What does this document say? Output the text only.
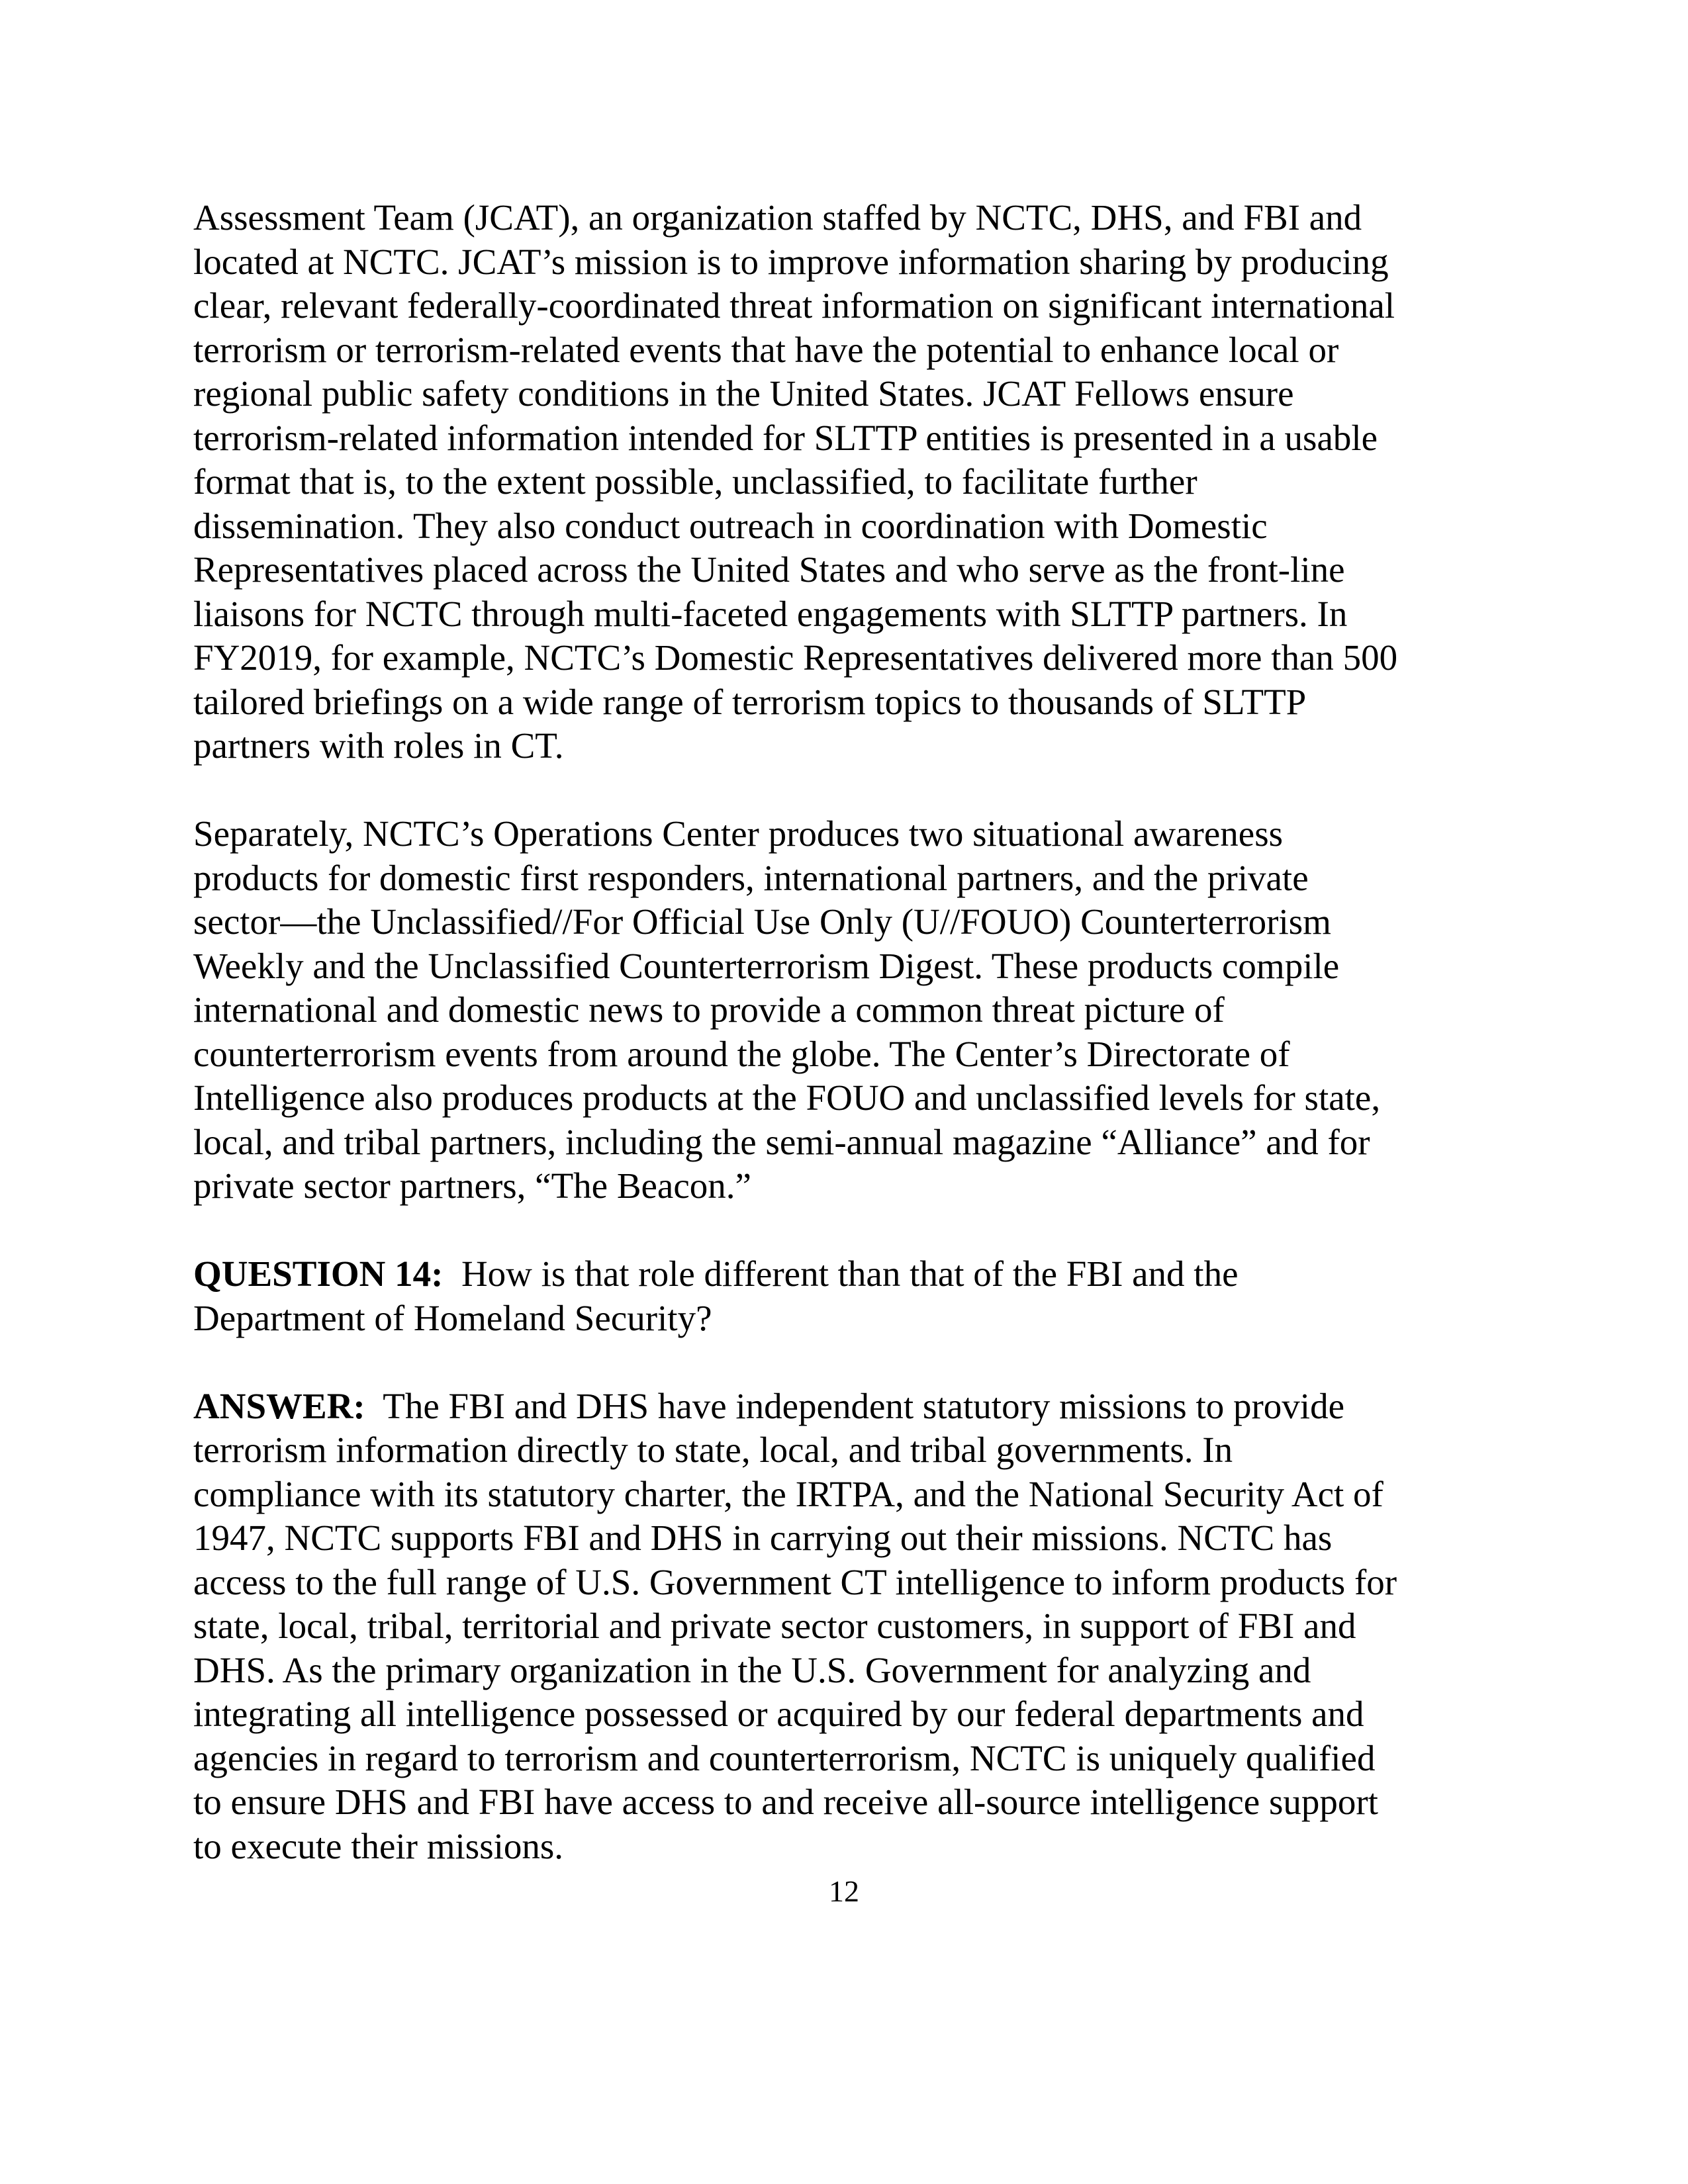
Assessment Team (JCAT), an organization staffed by NCTC, DHS, and FBI and
located at NCTC. JCAT’s mission is to improve information sharing by producing
clear, relevant federally-coordinated threat information on significant international
terrorism or terrorism-related events that have the potential to enhance local or
regional public safety conditions in the United States. JCAT Fellows ensure
terrorism-related information intended for SLTTP entities is presented in a usable
format that is, to the extent possible, unclassified, to facilitate further
dissemination. They also conduct outreach in coordination with Domestic
Representatives placed across the United States and who serve as the front-line
liaisons for NCTC through multi-faceted engagements with SLTTP partners. In
FY2019, for example, NCTC’s Domestic Representatives delivered more than 500
tailored briefings on a wide range of terrorism topics to thousands of SLTTP
partners with roles in CT.

Separately, NCTC’s Operations Center produces two situational awareness
products for domestic first responders, international partners, and the private
sector—the Unclassified//For Official Use Only (U//FOUO) Counterterrorism
Weekly and the Unclassified Counterterrorism Digest. These products compile
international and domestic news to provide a common threat picture of
counterterrorism events from around the globe. The Center’s Directorate of
Intelligence also produces products at the FOUO and unclassified levels for state,
local, and tribal partners, including the semi-annual magazine “Alliance” and for
private sector partners, “The Beacon.”

QUESTION 14:  How is that role different than that of the FBI and the
Department of Homeland Security?

ANSWER:  The FBI and DHS have independent statutory missions to provide
terrorism information directly to state, local, and tribal governments. In
compliance with its statutory charter, the IRTPA, and the National Security Act of
1947, NCTC supports FBI and DHS in carrying out their missions. NCTC has
access to the full range of U.S. Government CT intelligence to inform products for
state, local, tribal, territorial and private sector customers, in support of FBI and
DHS. As the primary organization in the U.S. Government for analyzing and
integrating all intelligence possessed or acquired by our federal departments and
agencies in regard to terrorism and counterterrorism, NCTC is uniquely qualified
to ensure DHS and FBI have access to and receive all-source intelligence support
to execute their missions.

12
